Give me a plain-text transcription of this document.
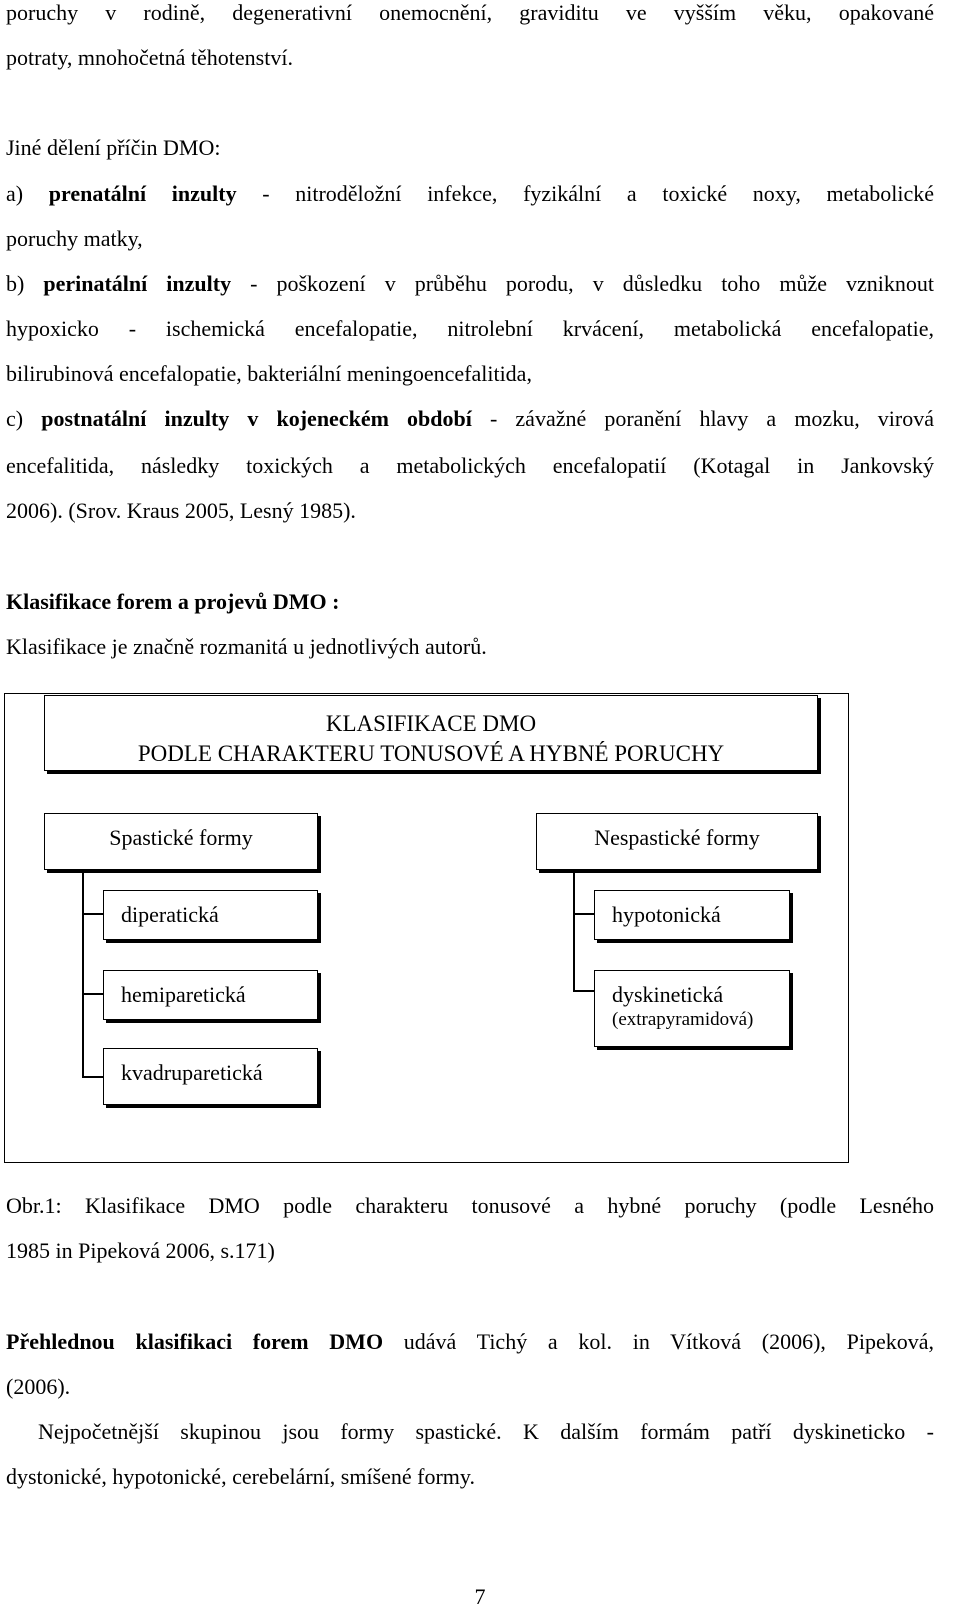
poruchy v rodině, degenerativní onemocnění, graviditu ve vyšším věku, opakované
potraty, mnohočetná těhotenství.
Jiné dělení příčin DMO:
a) prenatální inzulty - nitroděložní infekce, fyzikální a toxické noxy, metabolické
poruchy matky,
b) perinatální inzulty - poškození v průběhu porodu, v důsledku toho může vzniknout
hypoxicko - ischemická encefalopatie, nitrolební krvácení, metabolická encefalopatie,
bilirubinová encefalopatie, bakteriální meningoencefalitida,
c) postnatální inzulty v kojeneckém období - závažné poranění hlavy a mozku, virová
encefalitida, následky toxických a metabolických encefalopatií (Kotagal in Jankovský
2006). (Srov. Kraus 2005, Lesný 1985).
Klasifikace forem a projevů DMO :
Klasifikace je značně rozmanitá u jednotlivých autorů.
KLASIFIKACE DMO
PODLE CHARAKTERU TONUSOVÉ A HYBNÉ PORUCHY
Spastické formy	Nespastické formy
diperatická
hemiparetická
kvadruparetická
hypotonická
dyskinetická
(extrapyramidová)
Obr.1: Klasifikace DMO podle charakteru tonusové a hybné poruchy (podle Lesného
1985 in Pipeková 2006, s.171)
Přehlednou klasifikaci forem DMO udává Tichý a kol. in Vítková (2006), Pipeková,
(2006).
Nejpočetnější skupinou jsou formy spastické. K dalším formám patří dyskineticko -
dystonické, hypotonické, cerebelární, smíšené formy.
7
